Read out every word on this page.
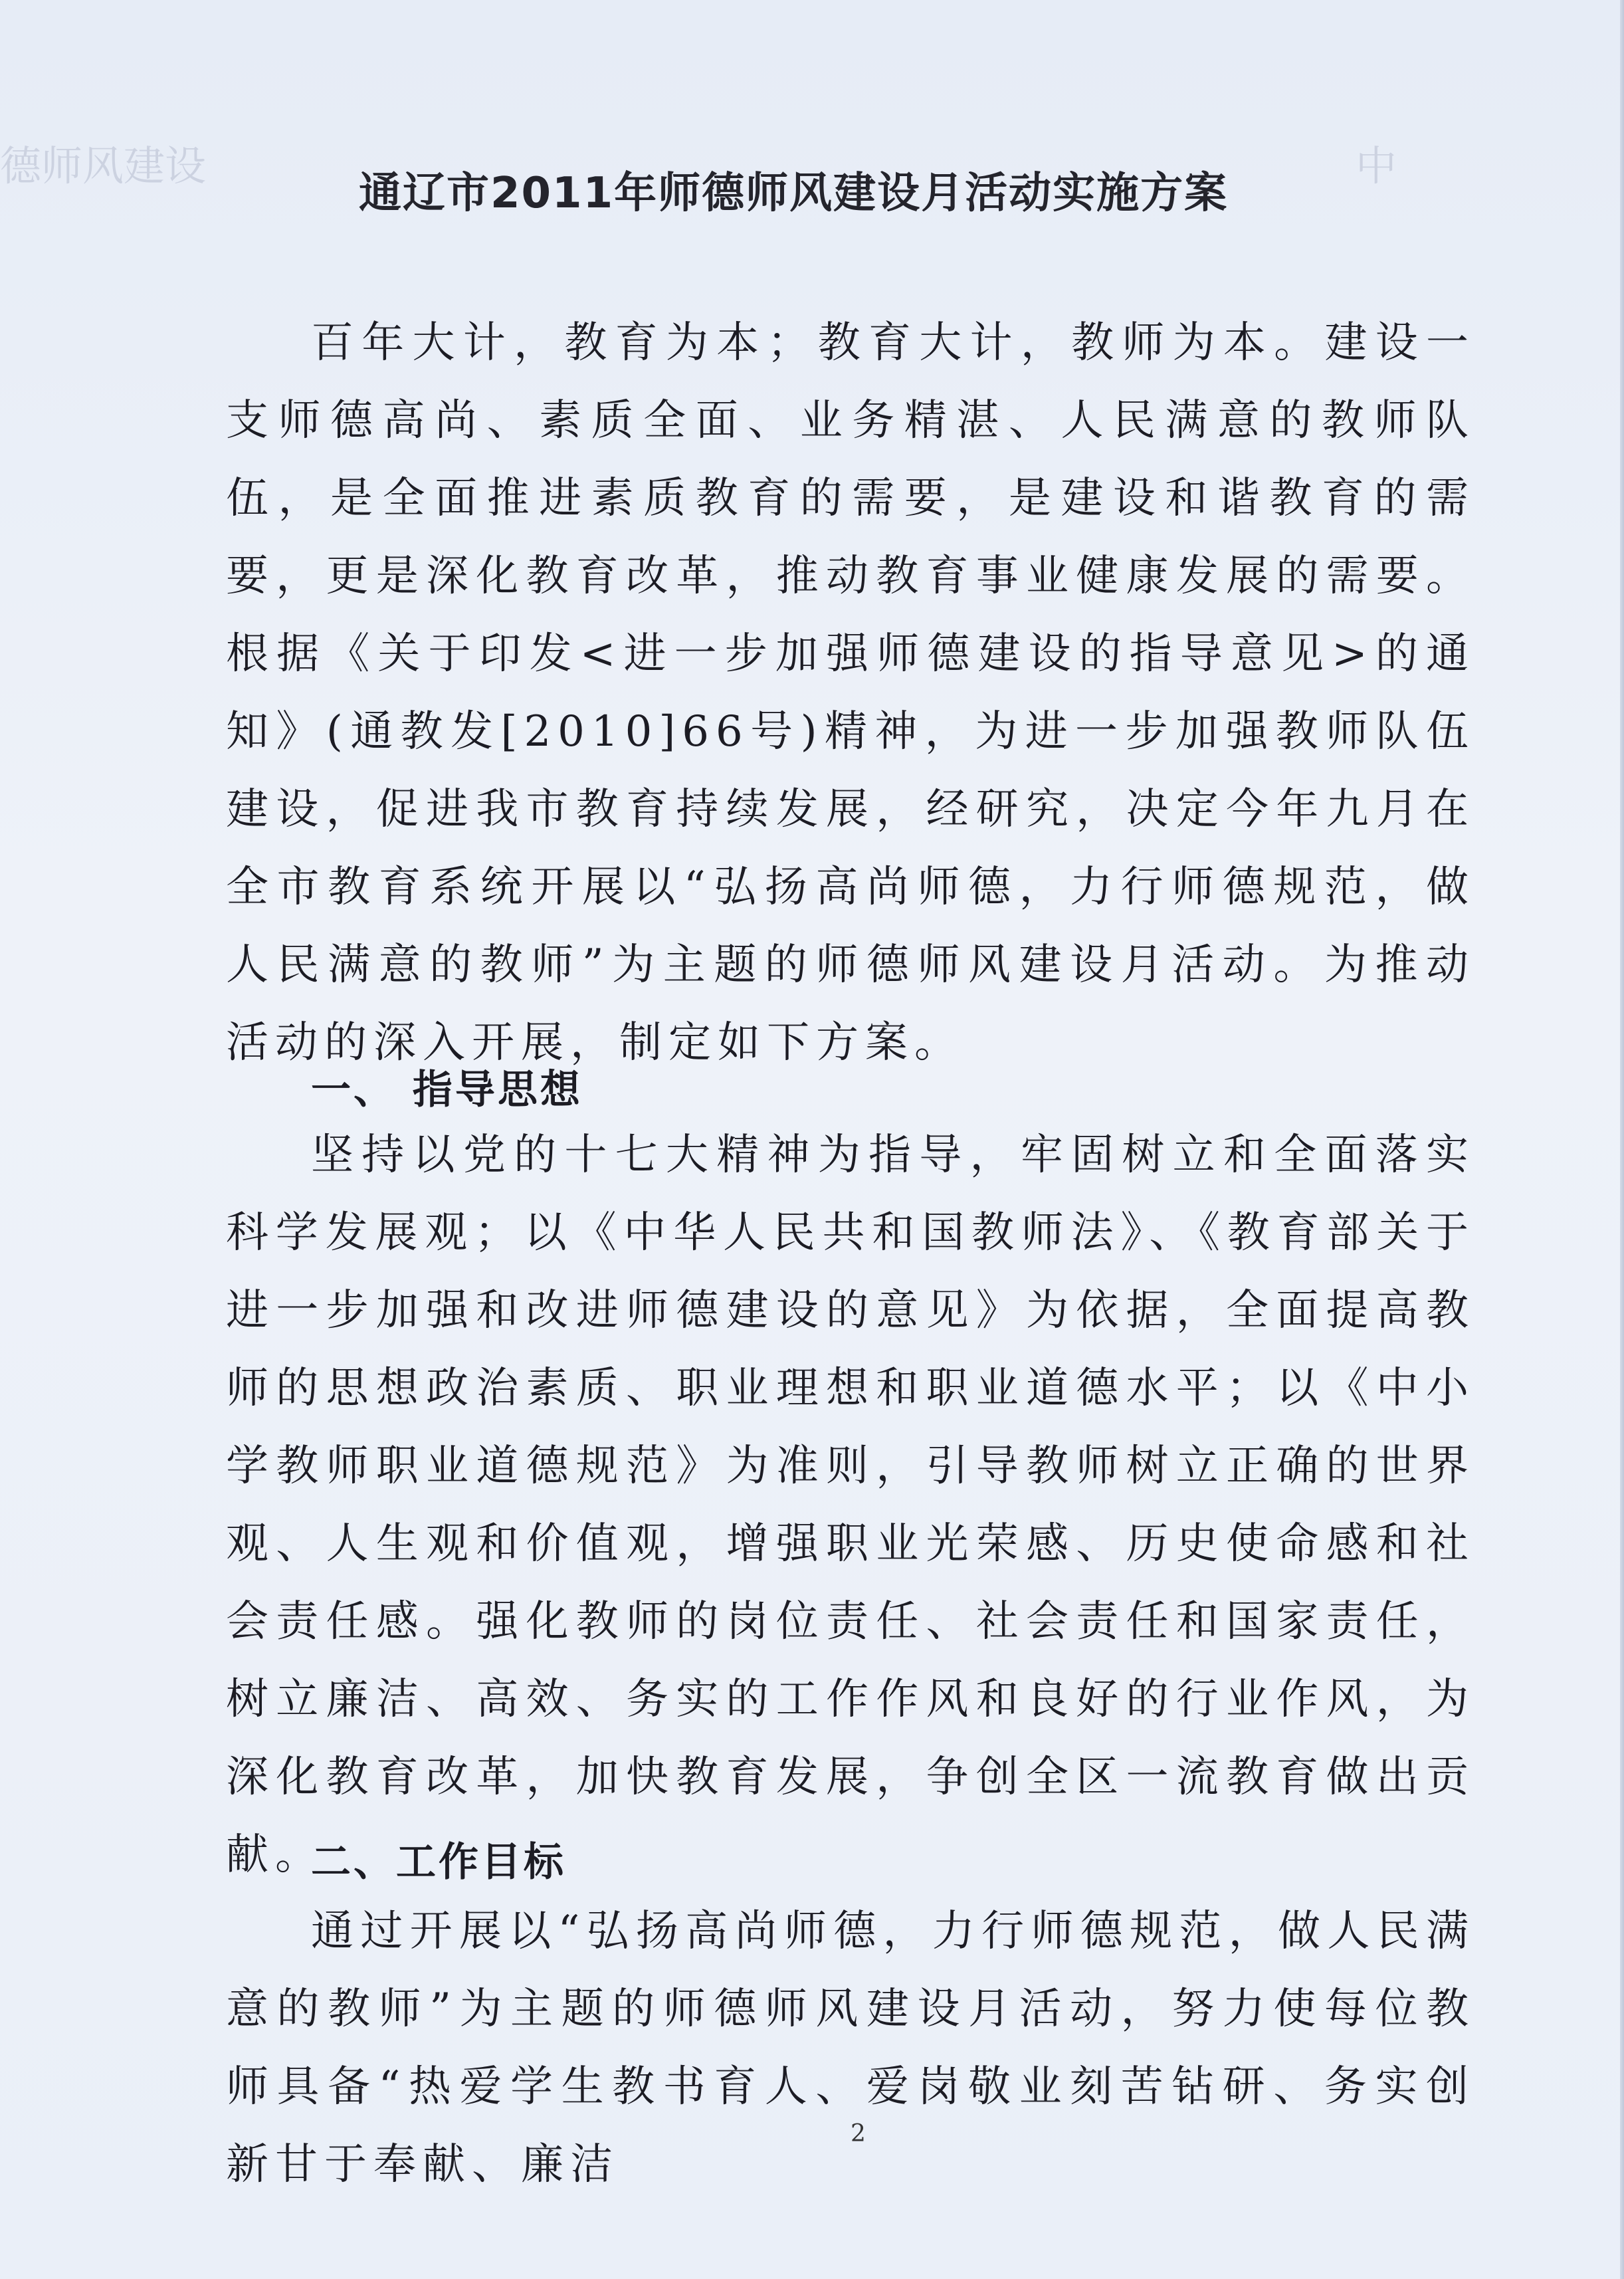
德师风建设	中
通辽市2011年师德师风建设月活动实施方案

百年大计，教育为本；教育大计，教师为本。建设一支师德高尚、素质全面、业务精湛、人民满意的教师队伍，是全面推进素质教育的需要，是建设和谐教育的需要，更是深化教育改革，推动教育事业健康发展的需要。根据《关于印发<进一步加强师德建设的指导意见>的通知》(通教发[2010]66号)精神，为进一步加强教师队伍建设，促进我市教育持续发展，经研究，决定今年九月在全市教育系统开展以“弘扬高尚师德，力行师德规范，做人民满意的教师”为主题的师德师风建设月活动。为推动活动的深入开展，制定如下方案。

一、 指导思想

坚持以党的十七大精神为指导，牢固树立和全面落实科学发展观；以《中华人民共和国教师法》、《教育部关于进一步加强和改进师德建设的意见》为依据，全面提高教师的思想政治素质、职业理想和职业道德水平；以《中小学教师职业道德规范》为准则，引导教师树立正确的世界观、人生观和价值观，增强职业光荣感、历史使命感和社会责任感。强化教师的岗位责任、社会责任和国家责任，树立廉洁、高效、务实的工作作风和良好的行业作风，为深化教育改革，加快教育发展，争创全区一流教育做出贡献。

二、工作目标

通过开展以“弘扬高尚师德，力行师德规范，做人民满意的教师”为主题的师德师风建设月活动，努力使每位教师具备“热爱学生教书育人、爱岗敬业刻苦钻研、务实创新甘于奉献、廉洁

2
